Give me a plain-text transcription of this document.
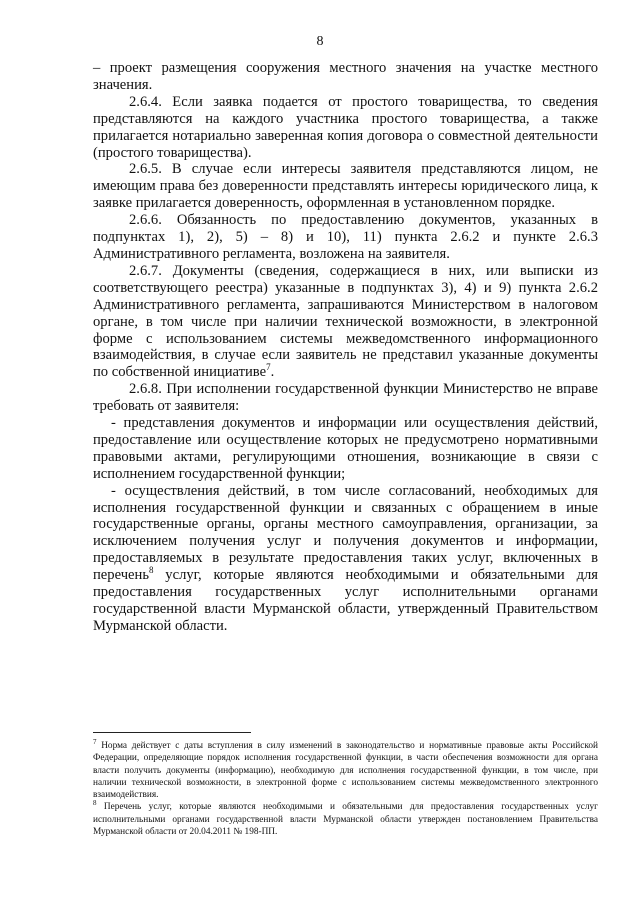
8

– проект размещения сооружения местного значения на участке местного значения.

2.6.4. Если заявка подается от простого товарищества, то сведения представляются на каждого участника простого товарищества, а также прилагается нотариально заверенная копия договора о совместной деятельности (простого товарищества).

2.6.5. В случае если интересы заявителя представляются лицом, не имеющим права без доверенности представлять интересы юридического лица, к заявке прилагается доверенность, оформленная в установленном порядке.

2.6.6. Обязанность по предоставлению документов, указанных в подпунктах 1), 2), 5) – 8) и 10), 11) пункта 2.6.2 и пункте 2.6.3 Административного регламента, возложена на заявителя.

2.6.7. Документы (сведения, содержащиеся в них, или выписки из соответствующего реестра) указанные в подпунктах 3), 4) и 9) пункта 2.6.2 Административного регламента, запрашиваются Министерством в налоговом органе, в том числе при наличии технической возможности, в электронной форме с использованием системы межведомственного информационного взаимодействия, в случае если заявитель не представил указанные документы по собственной инициативе$^7$.

2.6.8. При исполнении государственной функции Министерство не вправе требовать от заявителя:

- представления документов и информации или осуществления действий, предоставление или осуществление которых не предусмотрено нормативными правовыми актами, регулирующими отношения, возникающие в связи с исполнением государственной функции;

- осуществления действий, в том числе согласований, необходимых для исполнения государственной функции и связанных с обращением в иные государственные органы, органы местного самоуправления, организации, за исключением получения услуг и получения документов и информации, предоставляемых в результате предоставления таких услуг, включенных в перечень$^8$ услуг, которые являются необходимыми и обязательными для предоставления государственных услуг исполнительными органами государственной власти Мурманской области, утвержденный Правительством Мурманской области.

$^7$ Норма действует с даты вступления в силу изменений в законодательство и нормативные правовые акты Российской Федерации, определяющие порядок исполнения государственной функции, в части обеспечения возможности для органа власти получить документы (информацию), необходимую для исполнения государственной функции, в том числе, при наличии технической возможности, в электронной форме с использованием системы межведомственного электронного взаимодействия.

$^8$ Перечень услуг, которые являются необходимыми и обязательными для предоставления государственных услуг исполнительными органами государственной власти Мурманской области утвержден постановлением Правительства Мурманской области от 20.04.2011 № 198-ПП.
